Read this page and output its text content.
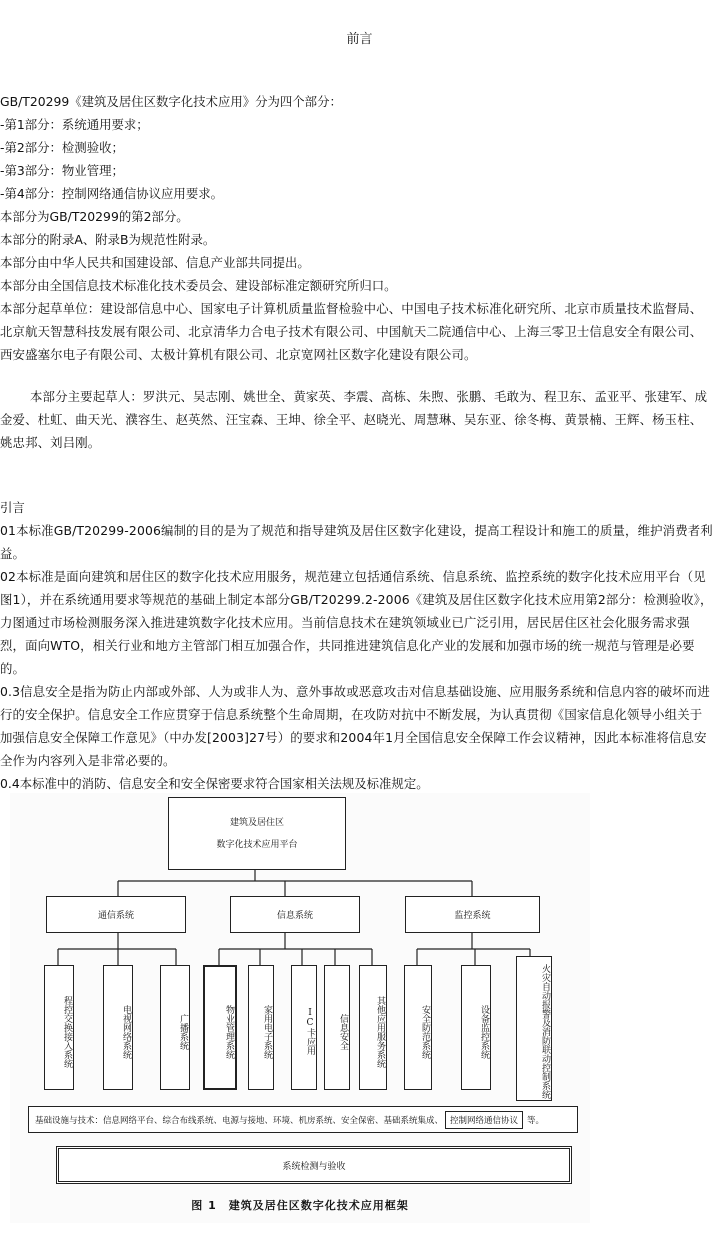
前言
GB/T20299《建筑及居住区数字化技术应用》分为四个部分：
-第1部分：系统通用要求；
-第2部分：检测验收；
-第3部分：物业管理；
-第4部分：控制网络通信协议应用要求。
本部分为GB/T20299的第2部分。
本部分的附录A、附录B为规范性附录。
本部分由中华人民共和国建设部、信息产业部共同提出。
本部分由全国信息技术标准化技术委员会、建设部标准定额研究所归口。
本部分起草单位：建设部信息中心、国家电子计算机质量监督检验中心、中国电子技术标准化研究所、北京市质量技术监督局、北京航天智慧科技发展有限公司、北京清华力合电子技术有限公司、中国航天二院通信中心、上海三零卫士信息安全有限公司、西安盛塞尔电子有限公司、太极计算机有限公司、北京宽网社区数字化建设有限公司。
本部分主要起草人：罗洪元、吴志刚、姚世全、黄家英、李震、高栋、朱煦、张鹏、毛敢为、程卫东、孟亚平、张建军、成金爱、杜虹、曲天光、濮容生、赵英然、汪宝森、王坤、徐全平、赵晓光、周慧琳、吴东亚、徐冬梅、黄景楠、王辉、杨玉柱、姚忠邦、刘吕刚。
引言
01本标准GB/T20299-2006编制的目的是为了规范和指导建筑及居住区数字化建设，提高工程设计和施工的质量，维护消费者利益。
02本标准是面向建筑和居住区的数字化技术应用服务，规范建立包括通信系统、信息系统、监控系统的数字化技术应用平台（见图1），并在系统通用要求等规范的基础上制定本部分GB/T20299.2-2006《建筑及居住区数字化技术应用第2部分：检测验收》，力图通过市场检测服务深入推进建筑数字化技术应用。当前信息技术在建筑领域业已广泛引用，居民居住区社会化服务需求强烈，面向WTO，相关行业和地方主管部门相互加强合作，共同推进建筑信息化产业的发展和加强市场的统一规范与管理是必要的。
0.3信息安全是指为防止内部或外部、人为或非人为、意外事故或恶意攻击对信息基础设施、应用服务系统和信息内容的破坏而进行的安全保护。信息安全工作应贯穿于信息系统整个生命周期，在攻防对抗中不断发展，为认真贯彻《国家信息化领导小组关于加强信息安全保障工作意见》（中办发[2003]27号）的要求和2004年1月全国信息安全保障工作会议精神，因此本标准将信息安全作为内容列入是非常必要的。
0.4本标准中的消防、信息安全和安全保密要求符合国家相关法规及标准规定。
建筑及居住区
数字化技术应用平台
通信系统	信息系统	监控系统
程控交换接入系统	电视网络系统	广播系统	物业管理系统	家用电子系统	IC卡应用	信息安全	其他应用服务系统	安全防范系统	设备监控系统	火灾自动报警及消防联动控制系统
基础设施与技术：信息网络平台、综合布线系统、电源与接地、环境、机房系统、安全保密、基础系统集成、 控制网络通信协议	等。
系统检测与验收
图 1　建筑及居住区数字化技术应用框架
